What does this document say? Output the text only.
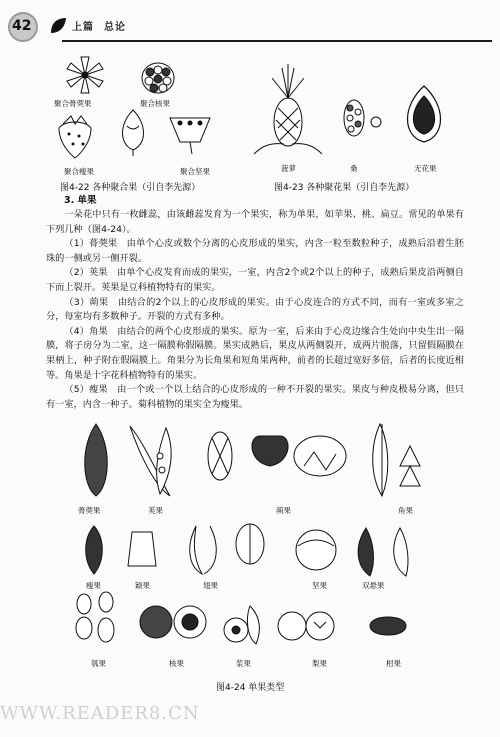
42	上篇 总论
聚合蓇葖果	聚合核果
聚合瘦果	聚合坚果
图4-22 各种聚合果（引自李先源）
菠萝	桑	无花果
图4-23 各种聚花果（引自李先源）
3. 单果

一朵花中只有一枚雌蕊，由该雌蕊发育为一个果实，称为单果，如苹果、桃、扁豆。常见的单果有下列几种（图4-24）。

（1）蓇葖果　由单个心皮或数个分离的心皮形成的果实，内含一粒至数粒种子，成熟后沿着生胚珠的一侧或另一侧开裂。

（2）荚果　由单个心皮发育而成的果实，一室，内含2个或2个以上的种子，成熟后果皮沿两侧自下而上裂开。荚果是豆科植物特有的果实。

（3）蒴果　由结合的2个以上的心皮形成的果实。由于心皮连合的方式不同，而有一室或多室之分，每室均有多数种子。开裂的方式有多种。

（4）角果　由结合的两个心皮形成的果实。原为一室，后来由于心皮边缘合生处向中央生出一隔膜，将子房分为二室，这一隔膜称假隔膜。果实成熟后，果皮从两侧裂开，成两片脱落，只留假隔膜在果柄上，种子附在假隔膜上。角果分为长角果和短角果两种，前者的长超过宽好多倍，后者的长度近相等。角果是十字花科植物特有的果实。

（5）瘦果　由一个或一个以上结合的心皮形成的一种不开裂的果实。果皮与种皮极易分离，但只有一室，内含一种子。菊科植物的果实全为瘦果。

蓇葖果	荚果	蒴果	角果
瘦果	颖果	翅果	坚果	双悬果
瓠果	核果	浆果	梨果	柑果
图4-24 单果类型
WWW.READER8.CN
